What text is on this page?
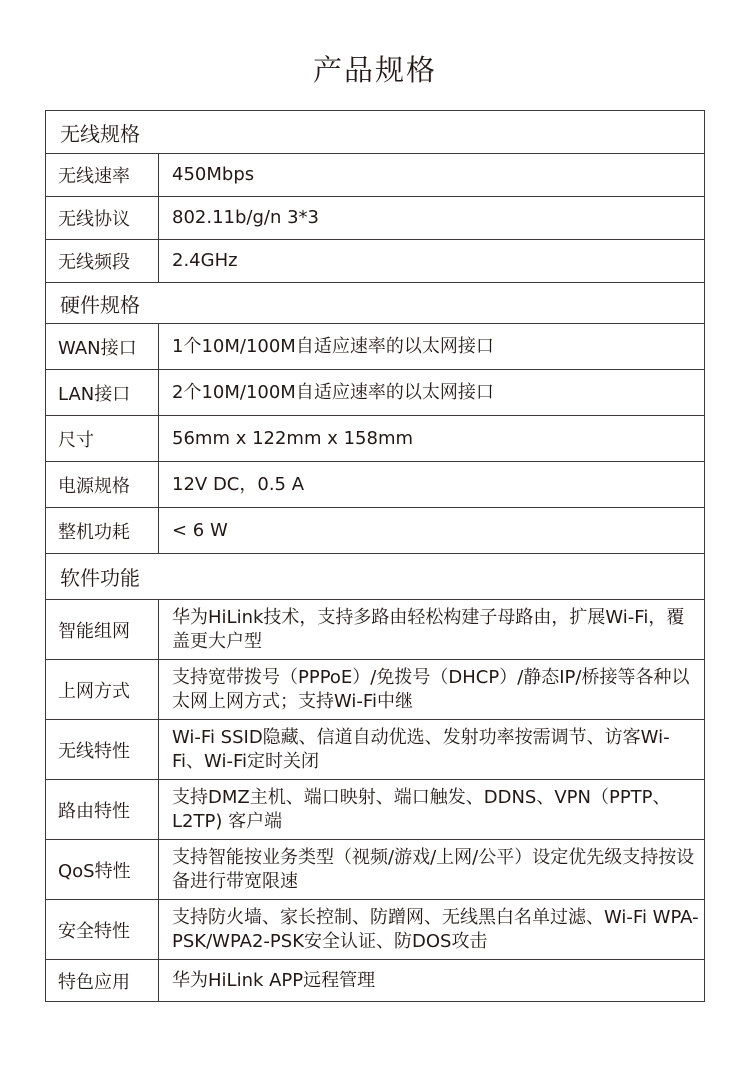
产品规格
无线规格	
无线速率	450Mbps
无线协议	802.11b/g/n 3*3
无线频段	2.4GHz
硬件规格	
WAN接口	1个10M/100M自适应速率的以太网接口
LAN接口	2个10M/100M自适应速率的以太网接口
尺寸	56mm x 122mm x 158mm
电源规格	12V DC，0.5 A
整机功耗	< 6 W
软件功能	
智能组网	华为HiLink技术，支持多路由轻松构建子母路由，扩展Wi-Fi，覆盖更大户型

上网方式	支持宽带拨号（PPPoE）/免拨号（DHCP）/静态IP/桥接等各种以太网上网方式；支持Wi-Fi中继

无线特性	Wi-Fi SSID隐藏、信道自动优选、发射功率按需调节、访客Wi-Fi、Wi-Fi定时关闭

路由特性	支持DMZ主机、端口映射、端口触发、DDNS、VPN（PPTP、L2TP) 客户端

QoS特性	支持智能按业务类型（视频/游戏/上网/公平）设定优先级支持按设备进行带宽限速

安全特性	支持防火墙、家长控制、防蹭网、无线黑白名单过滤、Wi-Fi WPA-PSK/WPA2-PSK安全认证、防DOS攻击

特色应用	华为HiLink APP远程管理
